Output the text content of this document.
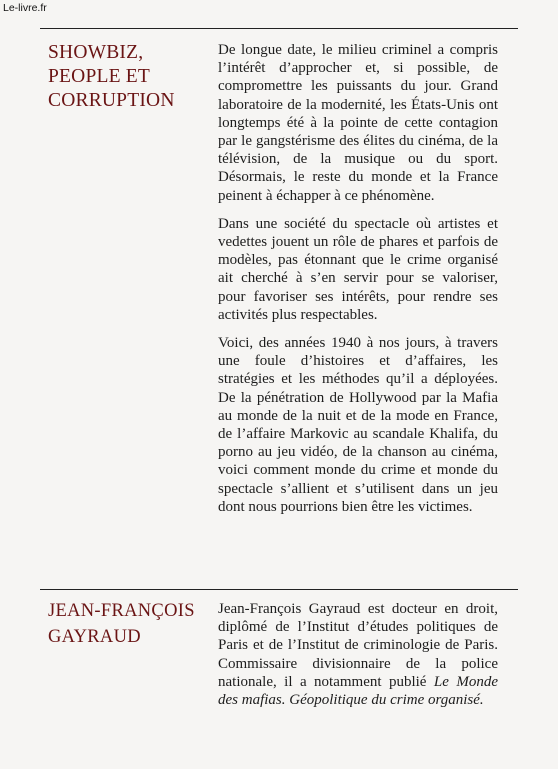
Le-livre.fr
SHOWBIZ,
PEOPLE ET
CORRUPTION

De longue date, le milieu criminel a compris l’intérêt d’approcher et, si possible, de compromettre les puissants du jour. Grand laboratoire de la modernité, les États-Unis ont longtemps été à la pointe de cette contagion par le gangstérisme des élites du cinéma, de la télévision, de la musique ou du sport. Désormais, le reste du monde et la France peinent à échapper à ce phénomène.

Dans une société du spectacle où artistes et vedettes jouent un rôle de phares et parfois de modèles, pas étonnant que le crime organisé ait cherché à s’en servir pour se valoriser, pour favoriser ses intérêts, pour rendre ses activités plus respectables.

Voici, des années 1940 à nos jours, à travers une foule d’histoires et d’affaires, les stratégies et les méthodes qu’il a déployées. De la pénétration de Hollywood par la Mafia au monde de la nuit et de la mode en France, de l’affaire Markovic au scandale Khalifa, du porno au jeu vidéo, de la chanson au cinéma, voici comment monde du crime et monde du spectacle s’allient et s’utilisent dans un jeu dont nous pourrions bien être les victimes.

JEAN-FRANÇOIS
GAYRAUD

Jean-François Gayraud est docteur en droit, diplômé de l’Institut d’études politiques de Paris et de l’Institut de criminologie de Paris. Commissaire divisionnaire de la police nationale, il a notamment publié Le Monde des mafias. Géopolitique du crime organisé.
